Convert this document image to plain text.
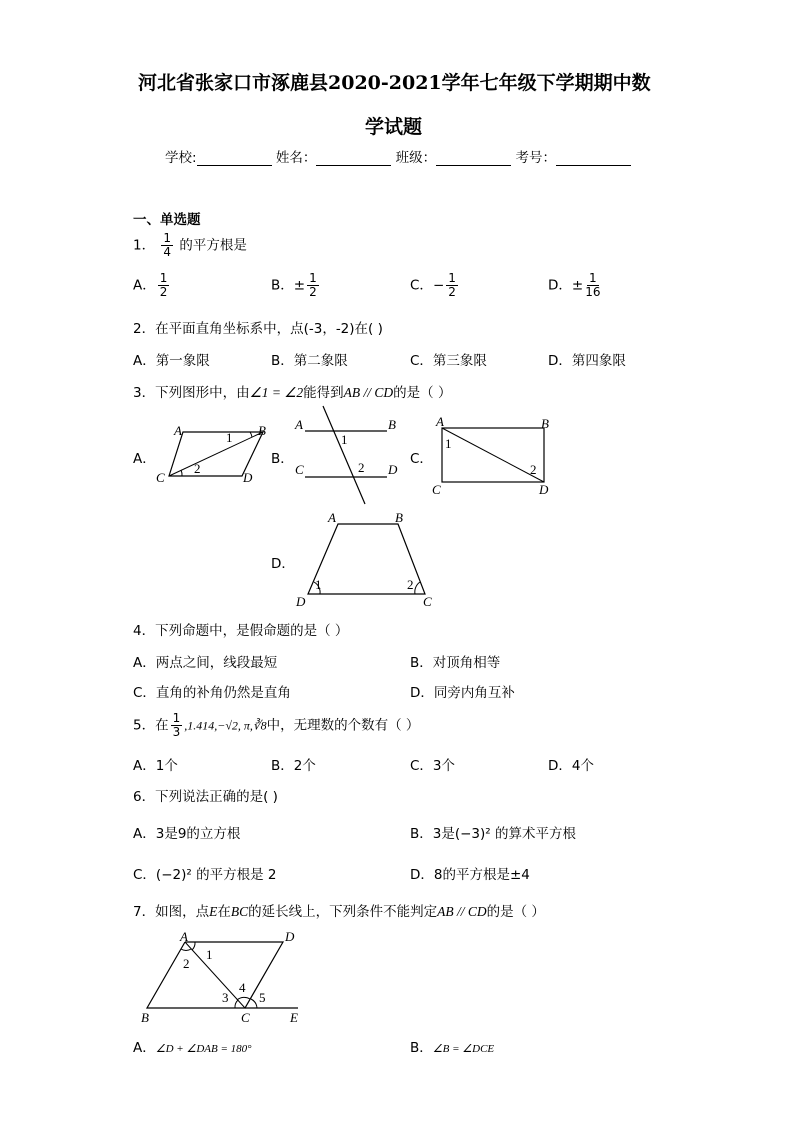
河北省张家口市涿鹿县2020-2021学年七年级下学期期中数
学试题
学校:	姓名：	班级：	考号：
一、单选题
1． $\frac{1}{4}$ 的平方根是
A． $\frac{1}{2}$	B．± $\frac{1}{2}$	C．− $\frac{1}{2}$	D．± $\frac{1}{16}$
2．在平面直角坐标系中，点(-3，-2)在( )
A．第一象限	B．第二象限	C．第三象限	D．第四象限
3．下列图形中，由∠1 = ∠2能得到AB // CD的是（ ）
A．
A	B
C	D
1
2
B．
A	B
C	D
1
2
C．
A	B
C	D
1
2
D．
A	B
D	C
1	2
4．下列命题中，是假命题的是（ ）
A．两点之间，线段最短	B．对顶角相等
C．直角的补角仍然是直角	D．同旁内角互补
5．在 $\frac{1}{3} ,1.414,-√2$, π,∛8中，无理数的个数有（ ）
A．1个	B．2个	C．3个	D．4个
6．下列说法正确的是( )
A．3是9的立方根	B．3是(−3)² 的算术平方根
C．(−2)² 的平方根是 2	D．8的平方根是±4
7．如图，点E在BC的延长线上，下列条件不能判定AB // CD的是（ ）
A	D
B	C	E
1
2
3
4
5
A．∠D + ∠DAB = 180°	B．∠B = ∠DCE
